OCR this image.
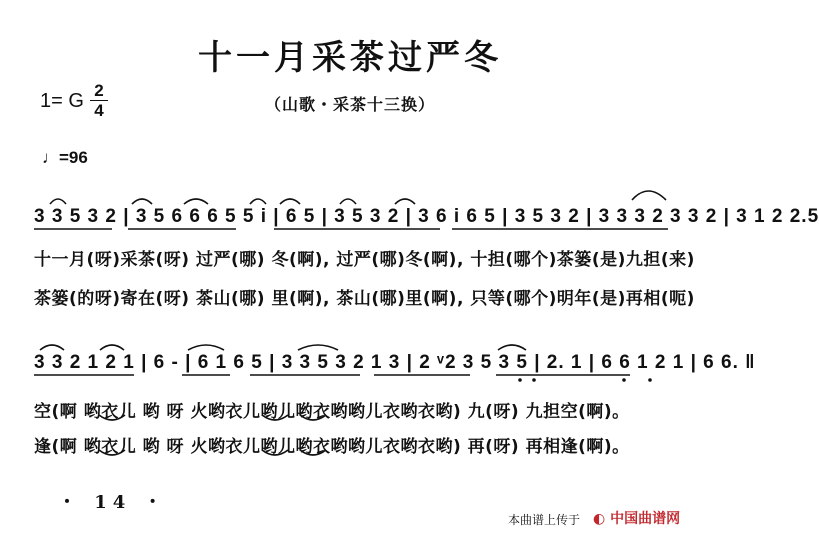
十一月采茶过严冬
（山歌・采茶十三换）
1= G 2
4
♩=96
3 3 5 3 2 | 3 5 6 6 6 5 5 i | 6 5 | 3 5 3 2 | 3 6 i 6 5 | 3 5 3 2 | 3 3 3 2 3 3 2 | 3 1 2 2.5
十一月(呀)采茶(呀) 过严(哪) 冬(啊), 过严(哪)冬(啊), 十担(哪个)茶篓(是)九担(来)
茶篓(的呀)寄在(呀) 茶山(哪) 里(啊), 茶山(哪)里(啊), 只等(哪个)明年(是)再相(呃)
3 3 2 1 2 1 | 6 - | 6 1 6 5 | 3 3 5 3 2 1 3 | 2 ᵛ2 3 5 3 5 | 2. 1 | 6 6 1 2 1 | 6 6. ‖
空(啊 哟衣儿 哟 呀 火哟衣儿哟儿哟衣哟哟儿衣哟衣哟) 九(呀) 九担空(啊)。
逢(啊 哟衣儿 哟 呀 火哟衣儿哟儿哟衣哟哟儿衣哟衣哟) 再(呀) 再相逢(啊)。
・ 14 ・
本曲谱上传于 ◐ 中国曲谱网
